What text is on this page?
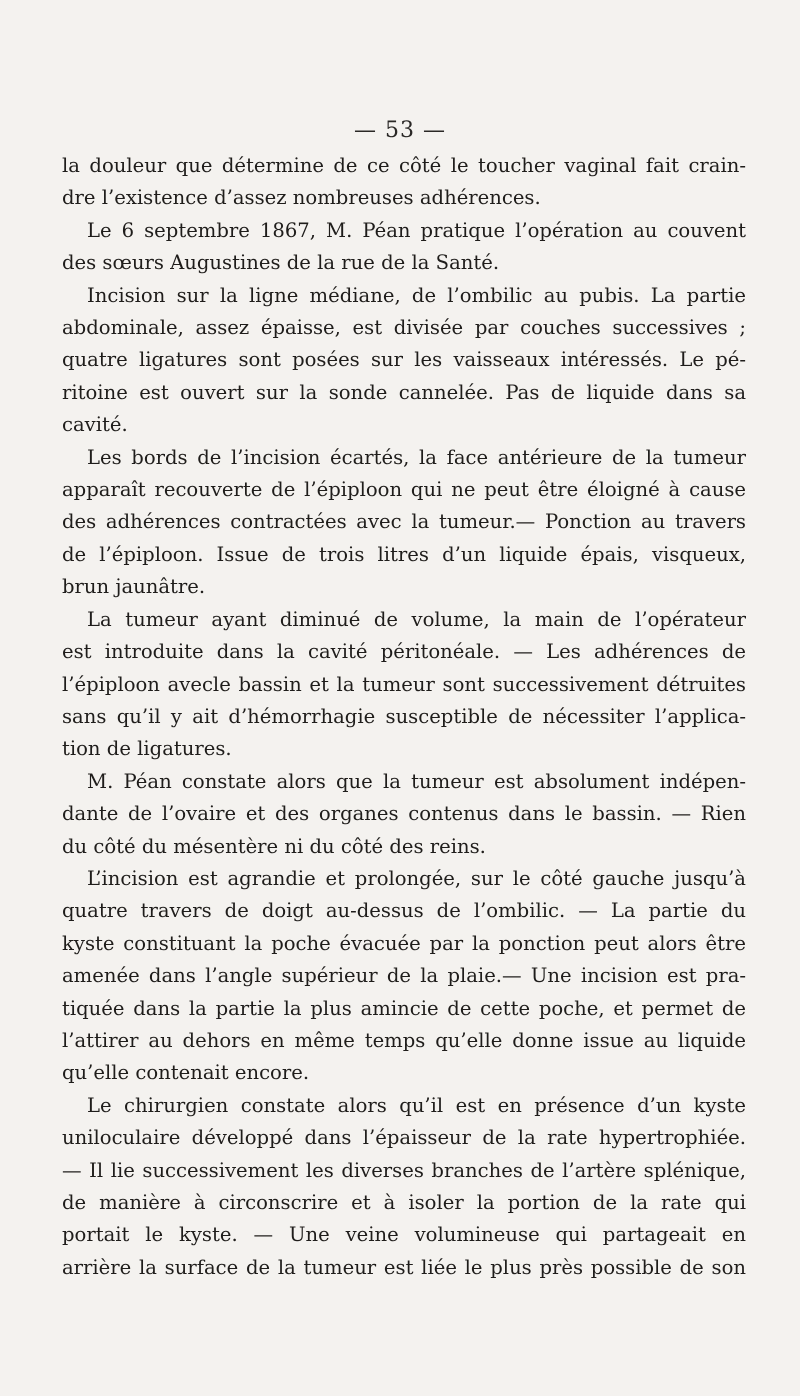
— 53 —

la douleur que détermine de ce côté le toucher vaginal fait crain-
dre l’existence d’assez nombreuses adhérences.

Le 6 septembre 1867, M. Péan pratique l’opération au couvent
des sœurs Augustines de la rue de la Santé.

Incision sur la ligne médiane, de l’ombilic au pubis. La partie
abdominale, assez épaisse, est divisée par couches successives ;
quatre ligatures sont posées sur les vaisseaux intéressés. Le pé-
ritoine est ouvert sur la sonde cannelée. Pas de liquide dans sa
cavité.

Les bords de l’incision écartés, la face antérieure de la tumeur
apparaît recouverte de l’épiploon qui ne peut être éloigné à cause
des adhérences contractées avec la tumeur.— Ponction au travers
de l’épiploon. Issue de trois litres d’un liquide épais, visqueux,
brun jaunâtre.

La tumeur ayant diminué de volume, la main de l’opérateur
est introduite dans la cavité péritonéale. — Les adhérences de
l’épiploon avecle bassin et la tumeur sont successivement détruites
sans qu’il y ait d’hémorrhagie susceptible de nécessiter l’applica-
tion de ligatures.

M. Péan constate alors que la tumeur est absolument indépen-
dante de l’ovaire et des organes contenus dans le bassin. — Rien
du côté du mésentère ni du côté des reins.

L’incision est agrandie et prolongée, sur le côté gauche jusqu’à
quatre travers de doigt au-dessus de l’ombilic. — La partie du
kyste constituant la poche évacuée par la ponction peut alors être
amenée dans l’angle supérieur de la plaie.— Une incision est pra-
tiquée dans la partie la plus amincie de cette poche, et permet de
l’attirer au dehors en même temps qu’elle donne issue au liquide
qu’elle contenait encore.

Le chirurgien constate alors qu’il est en présence d’un kyste
uniloculaire développé dans l’épaisseur de la rate hypertrophiée.
— Il lie successivement les diverses branches de l’artère splénique,
de manière à circonscrire et à isoler la portion de la rate qui
portait le kyste. — Une veine volumineuse qui partageait en
arrière la surface de la tumeur est liée le plus près possible de son
